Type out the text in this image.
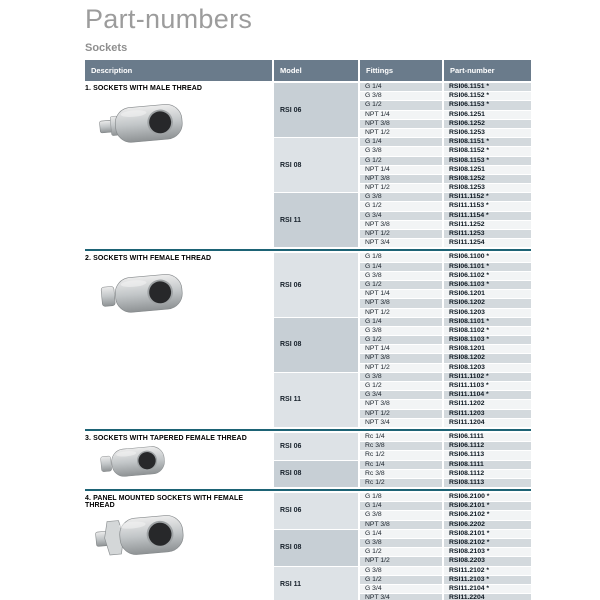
Part-numbers
Sockets
Description	Model	Fittings	Part-number
1. SOCKETS WITH MALE THREAD
RSI 06
G 1/4	RSI06.1151 *
G 3/8	RSI06.1152 *
G 1/2	RSI06.1153 *
NPT 1/4	RSI06.1251
NPT 3/8	RSI06.1252
NPT 1/2	RSI06.1253
RSI 08
G 1/4	RSI08.1151 *
G 3/8	RSI08.1152 *
G 1/2	RSI08.1153 *
NPT 1/4	RSI08.1251
NPT 3/8	RSI08.1252
NPT 1/2	RSI08.1253
RSI 11
G 3/8	RSI11.1152 *
G 1/2	RSI11.1153 *
G 3/4	RSI11.1154 *
NPT 3/8	RSI11.1252
NPT 1/2	RSI11.1253
NPT 3/4	RSI11.1254
2. SOCKETS WITH FEMALE THREAD
RSI 06
G 1/8	RSI06.1100 *
G 1/4	RSI06.1101 *
G 3/8	RSI06.1102 *
G 1/2	RSI06.1103 *
NPT 1/4	RSI06.1201
NPT 3/8	RSI06.1202
NPT 1/2	RSI06.1203
RSI 08
G 1/4	RSI08.1101 *
G 3/8	RSI08.1102 *
G 1/2	RSI08.1103 *
NPT 1/4	RSI08.1201
NPT 3/8	RSI08.1202
NPT 1/2	RSI08.1203
RSI 11
G 3/8	RSI11.1102 *
G 1/2	RSI11.1103 *
G 3/4	RSI11.1104 *
NPT 3/8	RSI11.1202
NPT 1/2	RSI11.1203
NPT 3/4	RSI11.1204
3. SOCKETS WITH TAPERED FEMALE THREAD
RSI 06
Rc 1/4	RSI06.1111
Rc 3/8	RSI06.1112
Rc 1/2	RSI06.1113
RSI 08
Rc 1/4	RSI08.1111
Rc 3/8	RSI08.1112
Rc 1/2	RSI08.1113
4. PANEL MOUNTED SOCKETS WITH FEMALE THREAD
RSI 06
G 1/8	RSI06.2100 *
G 1/4	RSI06.2101 *
G 3/8	RSI06.2102 *
NPT 3/8	RSI06.2202
RSI 08
G 1/4	RSI08.2101 *
G 3/8	RSI08.2102 *
G 1/2	RSI08.2103 *
NPT 1/2	RSI08.2203
RSI 11
G 3/8	RSI11.2102 *
G 1/2	RSI11.2103 *
G 3/4	RSI11.2104 *
NPT 3/4	RSI11.2204
